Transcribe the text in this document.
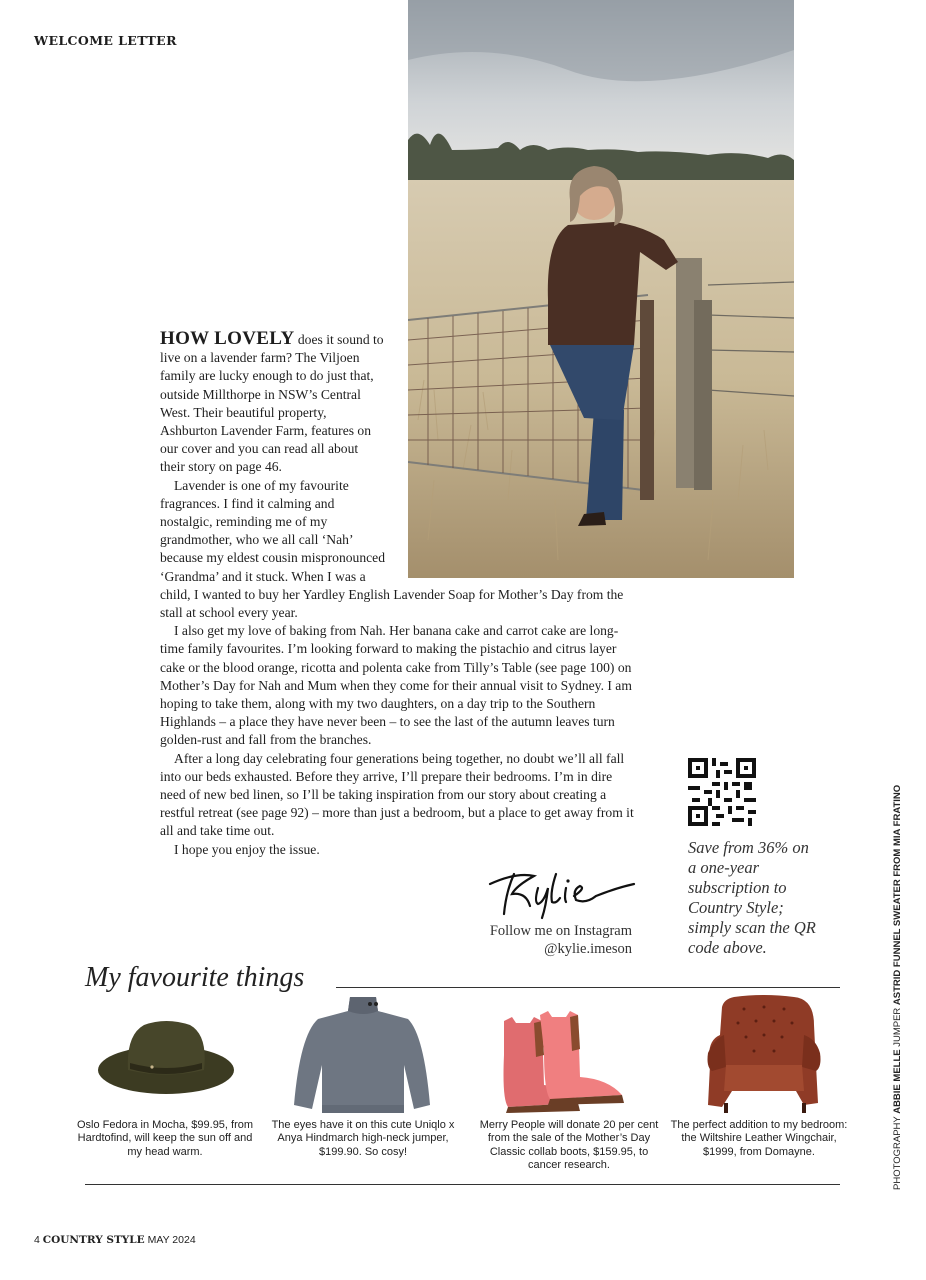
WELCOME LETTER

HOW LOVELY does it sound to live on a lavender farm? The Viljoen family are lucky enough to do just that, outside Millthorpe in NSW’s Central West. Their beautiful property, Ashburton Lavender Farm, features on our cover and you can read all about their story on page 46.

Lavender is one of my favourite fragrances. I find it calming and nostalgic, reminding me of my grandmother, who we all call ‘Nah’ because my eldest cousin mispronounced ‘Grandma’ and it stuck. When I was a child, I wanted to buy her Yardley English Lavender Soap for Mother’s Day from the stall at school every year.

I also get my love of baking from Nah. Her banana cake and carrot cake are long-time family favourites. I’m looking forward to making the pistachio and citrus layer cake or the blood orange, ricotta and polenta cake from Tilly’s Table (see page 100) on Mother’s Day for Nah and Mum when they come for their annual visit to Sydney. I am hoping to take them, along with my two daughters, on a day trip to the Southern Highlands – a place they have never been – to see the last of the autumn leaves turn golden-rust and fall from the branches.

After a long day celebrating four generations being together, no doubt we’ll all fall into our beds exhausted. Before they arrive, I’ll prepare their bedrooms. I’m in dire need of new bed linen, so I’ll be taking inspiration from our story about creating a restful retreat (see page 92) – more than just a bedroom, but a place to get away from it all and take time out.

I hope you enjoy the issue.

Follow me on Instagram
@kylie.imeson
Save from 36% on a one-year subscription to Country Style; simply scan the QR code above.
PHOTOGRAPHY ABBIE MELLE JUMPER ASTRID FUNNEL SWEATER FROM MIA FRATINO
My favourite things
Oslo Fedora in Mocha, $99.95, from Hardtofind, will keep the sun off and my head warm.
The eyes have it on this cute Uniqlo x Anya Hindmarch high-neck jumper, $199.90. So cosy!
Merry People will donate 20 per cent from the sale of the Mother’s Day Classic collab boots, $159.95, to cancer research.
The perfect addition to my bedroom: the Wiltshire Leather Wingchair, $1999, from Domayne.
4 COUNTRY STYLE MAY 2024
